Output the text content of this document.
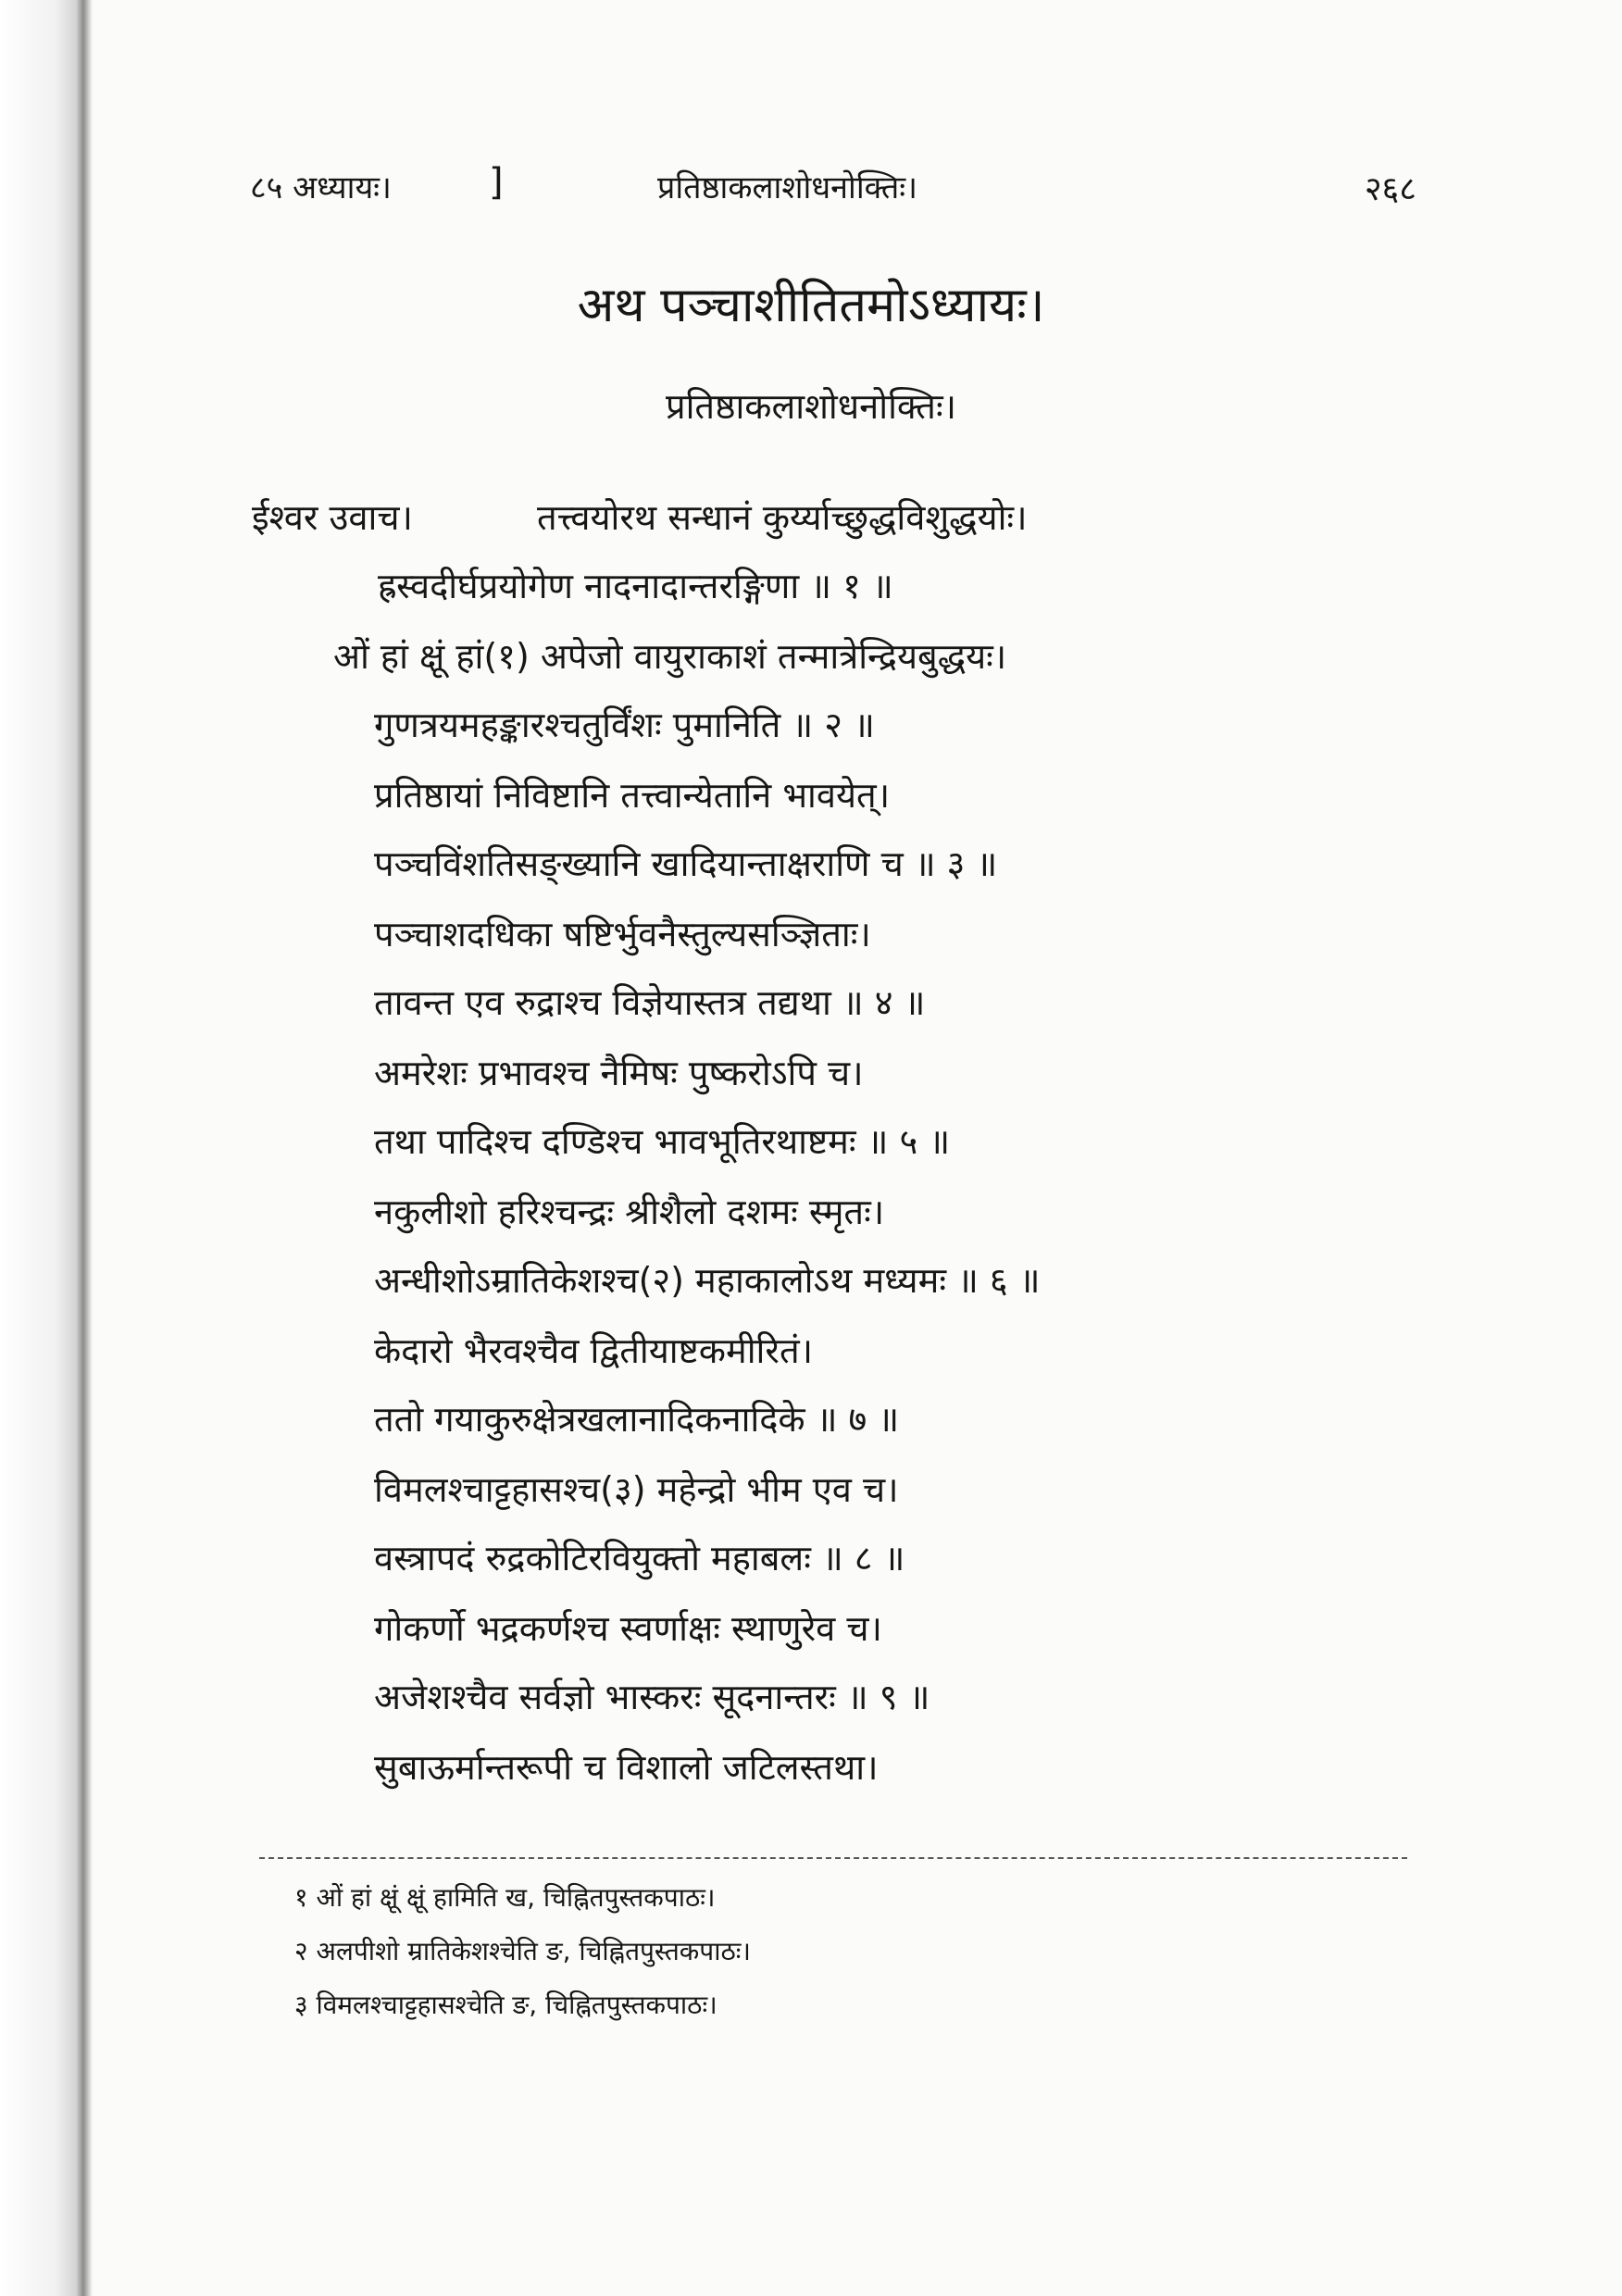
८५ अध्यायः।	]	प्रतिष्ठाकलाशोधनोक्तिः।	२६८
अथ पञ्चाशीतितमोऽध्यायः।
प्रतिष्ठाकलाशोधनोक्तिः।
ईश्वर उवाच।	तत्त्वयोरथ सन्धानं कुर्य्याच्छुद्धविशुद्धयोः।
ह्रस्वदीर्घप्रयोगेण नादनादान्तरङ्गिणा ॥ १ ॥
ओं हां क्षूं हां(१) अपेजो वायुराकाशं तन्मात्रेन्द्रियबुद्धयः।
गुणत्रयमहङ्कारश्चतुर्विंशः पुमानिति ॥ २ ॥
प्रतिष्ठायां निविष्टानि तत्त्वान्येतानि भावयेत्।
पञ्चविंशतिसङ्ख्यानि खादियान्ताक्षराणि च ॥ ३ ॥
पञ्चाशदधिका षष्टिर्भुवनैस्तुल्यसञ्ज्ञिताः।
तावन्त एव रुद्राश्च विज्ञेयास्तत्र तद्यथा ॥ ४ ॥
अमरेशः प्रभावश्च नैमिषः पुष्करोऽपि च।
तथा पादिश्च दण्डिश्च भावभूतिरथाष्टमः ॥ ५ ॥
नकुलीशो हरिश्चन्द्रः श्रीशैलो दशमः स्मृतः।
अन्धीशोऽम्रातिकेशश्च(२) महाकालोऽथ मध्यमः ॥ ६ ॥
केदारो भैरवश्चैव द्वितीयाष्टकमीरितं।
ततो गयाकुरुक्षेत्रखलानादिकनादिके ॥ ७ ॥
विमलश्चाट्टहासश्च(३) महेन्द्रो भीम एव च।
वस्त्रापदं रुद्रकोटिरवियुक्तो महाबलः ॥ ८ ॥
गोकर्णो भद्रकर्णश्च स्वर्णाक्षः स्थाणुरेव च।
अजेशश्चैव सर्वज्ञो भास्करः सूदनान्तरः ॥ ९ ॥
सुबाऊर्मान्तरूपी च विशालो जटिलस्तथा।
१ ओं हां क्षूं क्षूं हामिति ख, चिह्नितपुस्तकपाठः।
२ अलपीशो म्रातिकेशश्चेति ङ, चिह्नितपुस्तकपाठः।
३ विमलश्चाट्टहासश्चेति ङ, चिह्नितपुस्तकपाठः।
